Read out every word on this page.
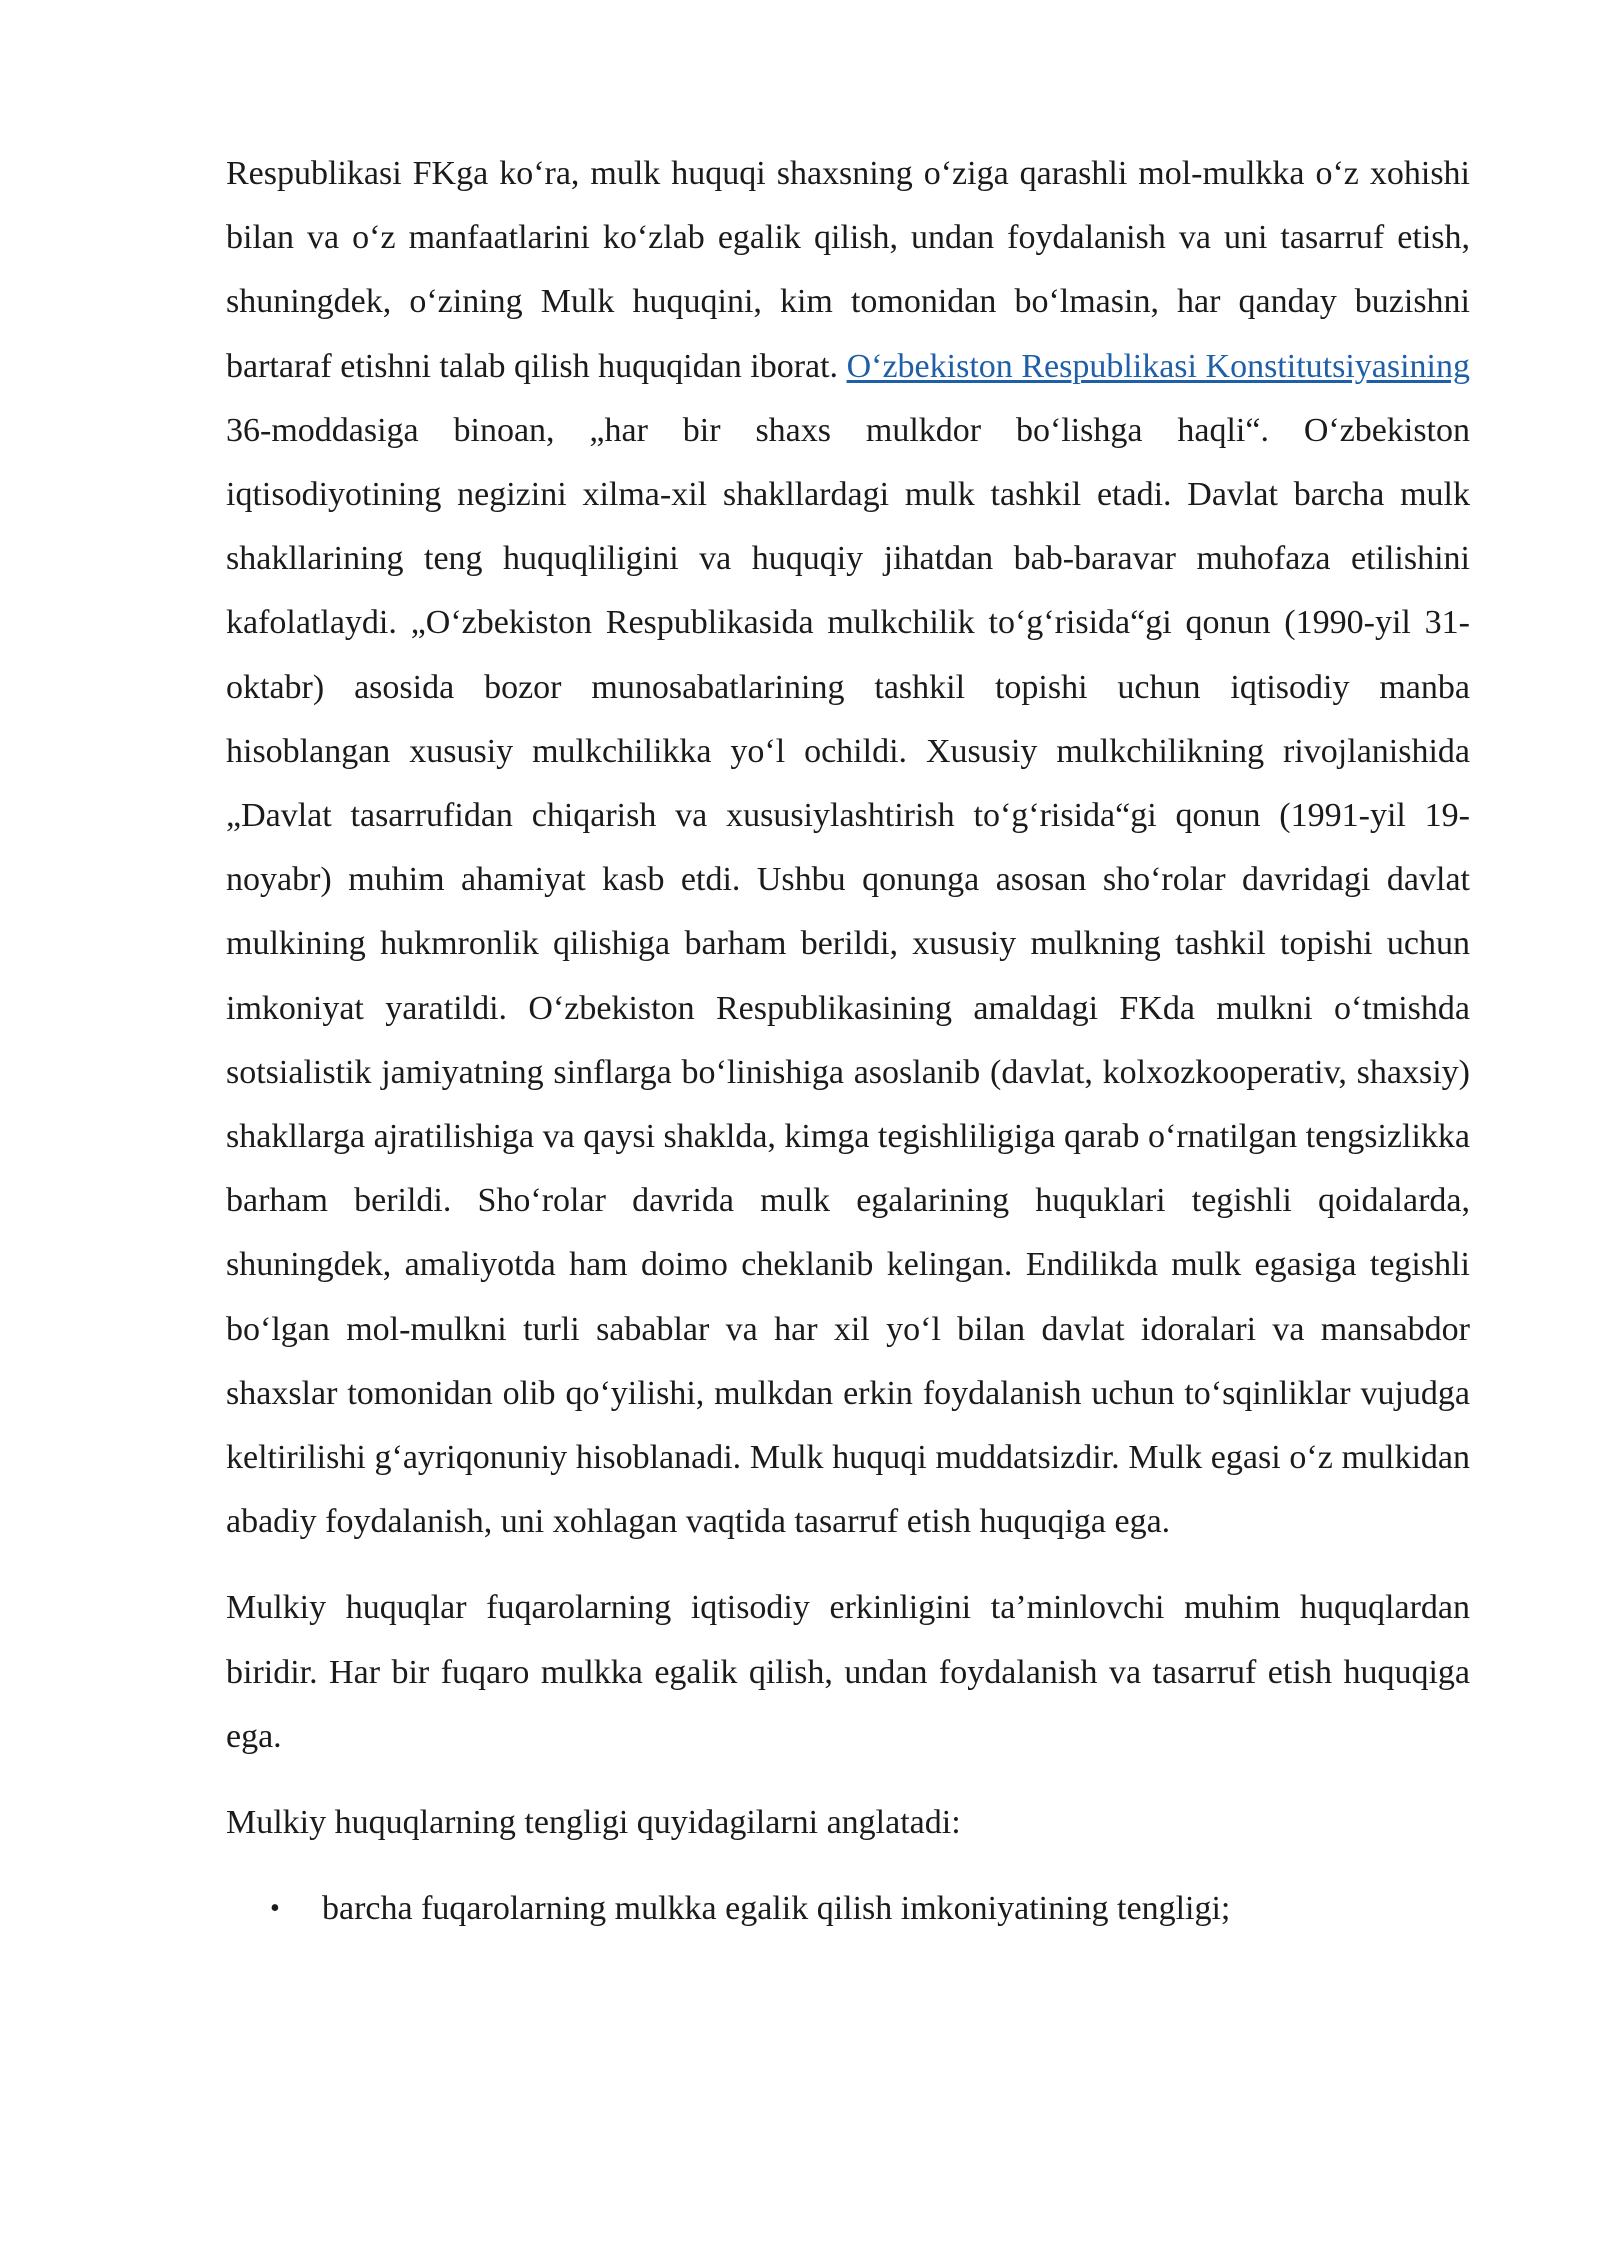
Respublikasi FKga ko‘ra, mulk huquqi shaxsning o‘ziga qarashli mol-mulkka o‘z xohishi bilan va o‘z manfaatlarini ko‘zlab egalik qilish, undan foydalanish va uni tasarruf etish, shuningdek, o‘zining Mulk huquqini, kim tomonidan bo‘lmasin, har qanday buzishni bartaraf etishni talab qilish huquqidan iborat. O‘zbekiston Respublikasi Konstitutsiyasining 36-moddasiga binoan, „har bir shaxs mulkdor bo‘lishga haqli“. O‘zbekiston iqtisodiyotining negizini xilma-xil shakllardagi mulk tashkil etadi. Davlat barcha mulk shakllarining teng huquqliligini va huquqiy jihatdan bab-baravar muhofaza etilishini kafolatlaydi. „O‘zbekiston Respublikasida mulkchilik to‘g‘risida“gi qonun (1990-yil 31-oktabr) asosida bozor munosabatlarining tashkil topishi uchun iqtisodiy manba hisoblangan xususiy mulkchilikka yo‘l ochildi. Xususiy mulkchilikning rivojlanishida „Davlat tasarrufidan chiqarish va xususiylashtirish to‘g‘risida“gi qonun (1991-yil 19-noyabr) muhim ahamiyat kasb etdi. Ushbu qonunga asosan sho‘rolar davridagi davlat mulkining hukmronlik qilishiga barham berildi, xususiy mulkning tashkil topishi uchun imkoniyat yaratildi. O‘zbekiston Respublikasining amaldagi FKda mulkni o‘tmishda sotsialistik jamiyatning sinflarga bo‘linishiga asoslanib (davlat, kolxozkooperativ, shaxsiy) shakllarga ajratilishiga va qaysi shaklda, kimga tegishliligiga qarab o‘rnatilgan tengsizlikka barham berildi. Sho‘rolar davrida mulk egalarining huquklari tegishli qoidalarda, shuningdek, amaliyotda ham doimo cheklanib kelingan. Endilikda mulk egasiga tegishli bo‘lgan mol-mulkni turli sabablar va har xil yo‘l bilan davlat idoralari va mansabdor shaxslar tomonidan olib qo‘yilishi, mulkdan erkin foydalanish uchun to‘sqinliklar vujudga keltirilishi g‘ayriqonuniy hisoblanadi. Mulk huquqi muddatsizdir. Mulk egasi o‘z mulkidan abadiy foydalanish, uni xohlagan vaqtida tasarruf etish huquqiga ega.

Mulkiy huquqlar fuqarolarning iqtisodiy erkinligini ta’minlovchi muhim huquqlardan biridir. Har bir fuqaro mulkka egalik qilish, undan foydalanish va tasarruf etish huquqiga ega.

Mulkiy huquqlarning tengligi quyidagilarni anglatadi:

• barcha fuqarolarning mulkka egalik qilish imkoniyatining tengligi;
